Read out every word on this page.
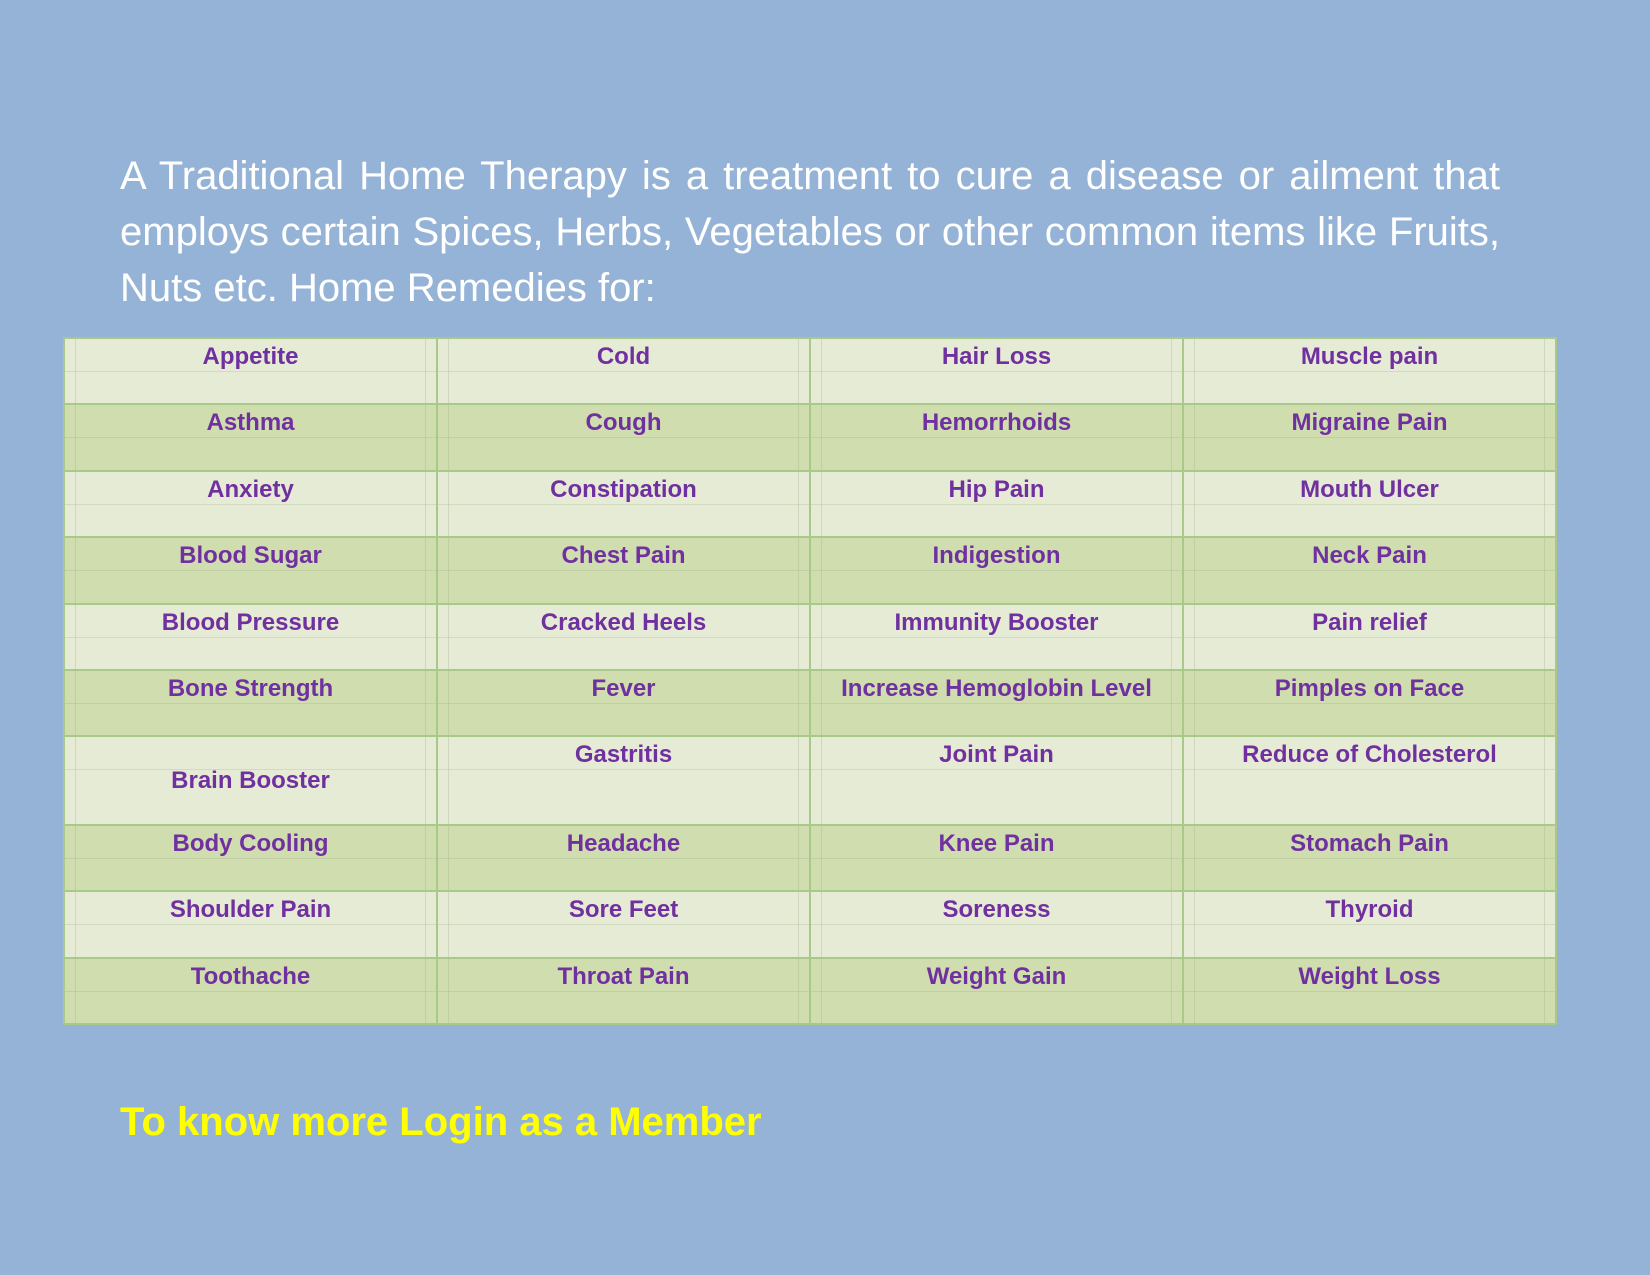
A Traditional Home Therapy is a treatment to cure a disease or ailment that employs certain Spices, Herbs, Vegetables or other common items like Fruits, Nuts etc. Home Remedies for:

Appetite	Cold	Hair Loss	Muscle pain
Asthma	Cough	Hemorrhoids	Migraine Pain
Anxiety	Constipation	Hip Pain	Mouth Ulcer
Blood Sugar	Chest Pain	Indigestion	Neck Pain
Blood Pressure	Cracked Heels	Immunity Booster	Pain relief
Bone Strength	Fever	Increase Hemoglobin Level	Pimples on Face
Brain Booster	Gastritis	Joint Pain	Reduce of Cholesterol
Body Cooling	Headache	Knee Pain	Stomach Pain
Shoulder Pain	Sore Feet	Soreness	Thyroid
Toothache	Throat Pain	Weight Gain	Weight Loss

To know more Login as a Member
